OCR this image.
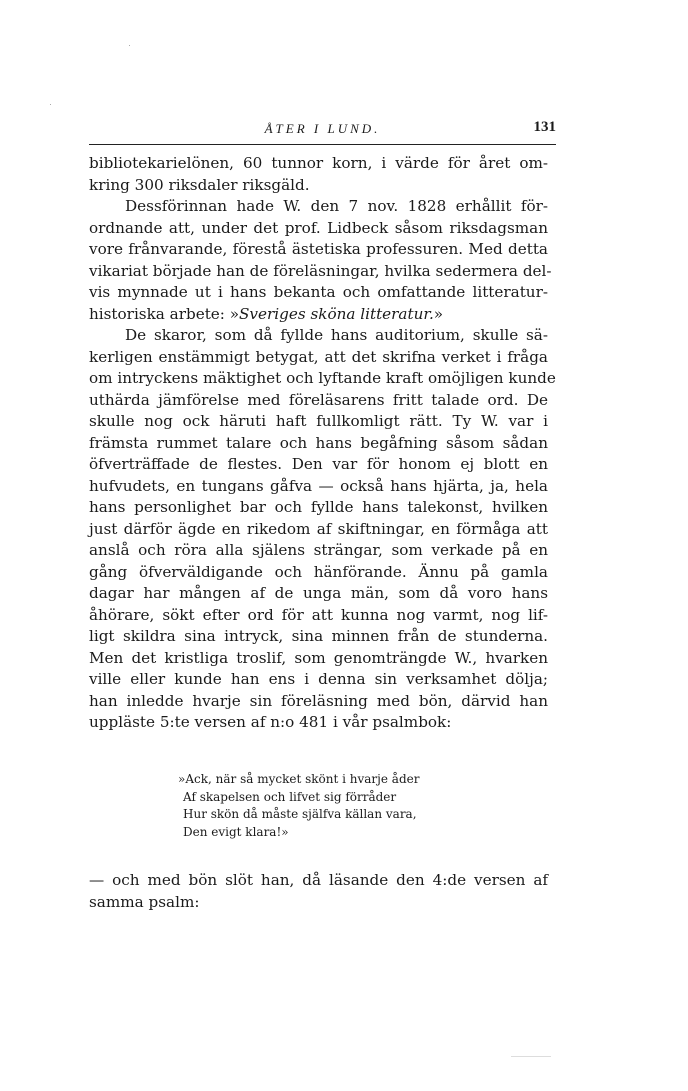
ÅTER I LUND.	131
bibliotekarielönen, 60 tunnor korn, i värde för året om-
kring 300 riksdaler riksgäld.
Dessförinnan hade W. den 7 nov. 1828 erhållit för-
ordnande att, under det prof. Lidbeck såsom riksdagsman
vore frånvarande, förestå ästetiska professuren. Med detta
vikariat började han de föreläsningar, hvilka sedermera del-
vis mynnade ut i hans bekanta och omfattande litteratur-
historiska arbete: »Sveriges sköna litteratur.»
De skaror, som då fyllde hans auditorium, skulle sä-
kerligen enstämmigt betygat, att det skrifna verket i fråga
om intryckens mäktighet och lyftande kraft omöjligen kunde
uthärda jämförelse med föreläsarens fritt talade ord. De
skulle nog ock häruti haft fullkomligt rätt. Ty W. var i
främsta rummet talare och hans begåfning såsom sådan
öfverträffade de flestes. Den var för honom ej blott en
hufvudets, en tungans gåfva — också hans hjärta, ja, hela
hans personlighet bar och fyllde hans talekonst, hvilken
just därför ägde en rikedom af skiftningar, en förmåga att
anslå och röra alla själens strängar, som verkade på en
gång öfverväldigande och hänförande. Ännu på gamla
dagar har mången af de unga män, som då voro hans
åhörare, sökt efter ord för att kunna nog varmt, nog lif-
ligt skildra sina intryck, sina minnen från de stunderna.
Men det kristliga troslif, som genomträngde W., hvarken
ville eller kunde han ens i denna sin verksamhet dölja;
han inledde hvarje sin föreläsning med bön, därvid han
uppläste 5:te versen af n:o 481 i vår psalmbok:
»Ack, när så mycket skönt i hvarje åder
Af skapelsen och lifvet sig förråder
Hur skön då måste själfva källan vara,
Den evigt klara!»
— och med bön slöt han, då läsande den 4:de versen af
samma psalm:
